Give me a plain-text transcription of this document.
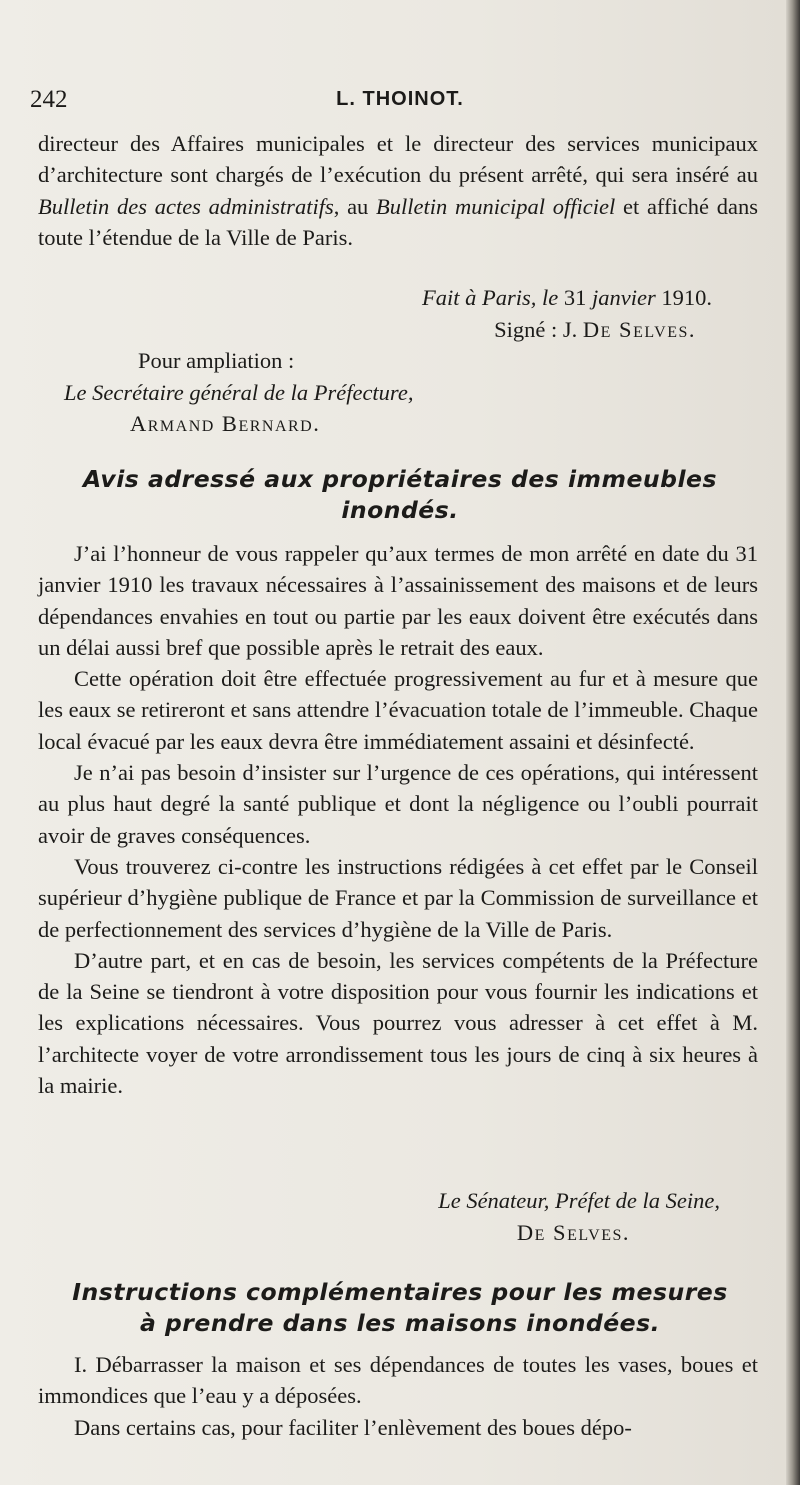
242	L. THOINOT.

directeur des Affaires municipales et le directeur des services municipaux d’architecture sont chargés de l’exécution du présent arrêté, qui sera inséré au Bulletin des actes administratifs, au Bulletin municipal officiel et affiché dans toute l’étendue de la Ville de Paris.

Fait à Paris, le 31 janvier 1910.
Signé : J. De Selves.
Pour ampliation :
Le Secrétaire général de la Préfecture,
Armand Bernard.
Avis adressé aux propriétaires des immeubles
inondés.

J’ai l’honneur de vous rappeler qu’aux termes de mon arrêté en date du 31 janvier 1910 les travaux nécessaires à l’assainissement des maisons et de leurs dépendances envahies en tout ou partie par les eaux doivent être exécutés dans un délai aussi bref que possible après le retrait des eaux.

Cette opération doit être effectuée progressivement au fur et à mesure que les eaux se retireront et sans attendre l’évacuation totale de l’immeuble. Chaque local évacué par les eaux devra être immédiatement assaini et désinfecté.

Je n’ai pas besoin d’insister sur l’urgence de ces opérations, qui intéressent au plus haut degré la santé publique et dont la négligence ou l’oubli pourrait avoir de graves conséquences.

Vous trouverez ci-contre les instructions rédigées à cet effet par le Conseil supérieur d’hygiène publique de France et par la Commission de surveillance et de perfectionnement des services d’hygiène de la Ville de Paris.

D’autre part, et en cas de besoin, les services compétents de la Préfecture de la Seine se tiendront à votre disposition pour vous fournir les indications et les explications nécessaires. Vous pourrez vous adresser à cet effet à M. l’architecte voyer de votre arrondissement tous les jours de cinq à six heures à la mairie.

Le Sénateur, Préfet de la Seine,
De Selves.
Instructions complémentaires pour les mesures
à prendre dans les maisons inondées.

I. Débarrasser la maison et ses dépendances de toutes les vases, boues et immondices que l’eau y a déposées.

Dans certains cas, pour faciliter l’enlèvement des boues dépo-
